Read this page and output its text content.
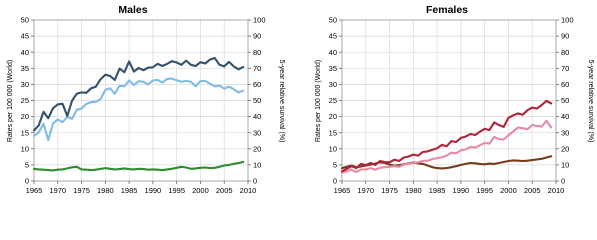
Males
Rates per 100 000 (World)	5-year relative survival (%)
0
5
10
15
20
25
30
35
40
45
50
0
10
20
30
40
50
60
70
80
90
100
1965 1970 1975 1980 1985 1990 1995 2000 2005 2010
Females
Rates per 100 000 (World)	5-year relative survival (%)
0
5
10
15
20
25
30
35
40
45
50
0
10
20
30
40
50
60
70
80
90
100
1965 1970 1975 1980 1985 1990 1995 2000 2005 2010
